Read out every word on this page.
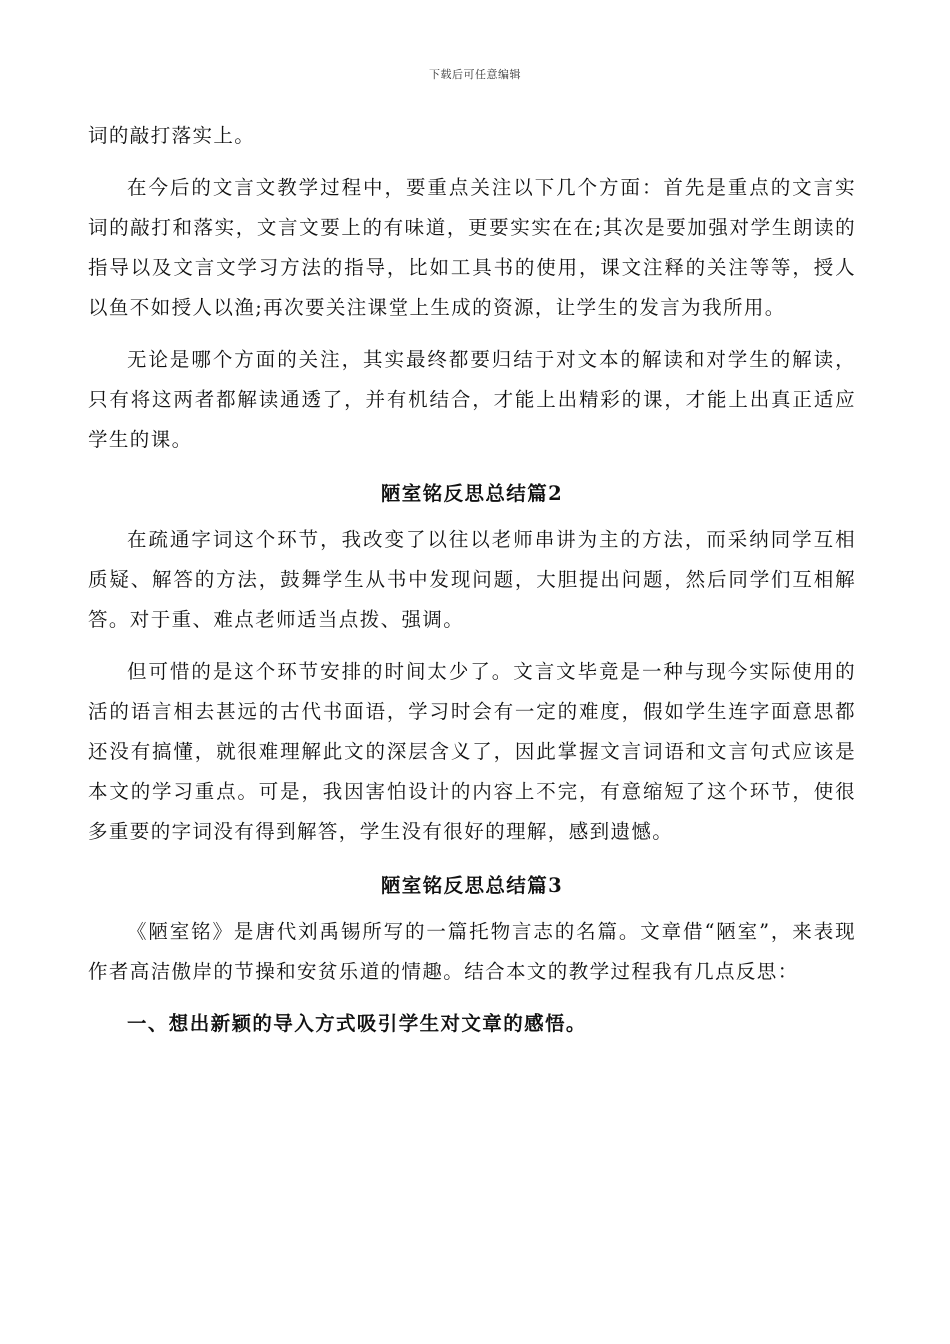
下载后可任意编辑

词的敲打落实上。

在今后的文言文教学过程中，要重点关注以下几个方面：首先是重点的文言实词的敲打和落实，文言文要上的有味道，更要实实在在;其次是要加强对学生朗读的指导以及文言文学习方法的指导，比如工具书的使用，课文注释的关注等等，授人以鱼不如授人以渔;再次要关注课堂上生成的资源，让学生的发言为我所用。

无论是哪个方面的关注，其实最终都要归结于对文本的解读和对学生的解读，只有将这两者都解读通透了，并有机结合，才能上出精彩的课，才能上出真正适应学生的课。

陋室铭反思总结篇2

在疏通字词这个环节，我改变了以往以老师串讲为主的方法，而采纳同学互相质疑、解答的方法，鼓舞学生从书中发现问题，大胆提出问题，然后同学们互相解答。对于重、难点老师适当点拨、强调。

但可惜的是这个环节安排的时间太少了。文言文毕竟是一种与现今实际使用的活的语言相去甚远的古代书面语，学习时会有一定的难度，假如学生连字面意思都还没有搞懂，就很难理解此文的深层含义了，因此掌握文言词语和文言句式应该是本文的学习重点。可是，我因害怕设计的内容上不完，有意缩短了这个环节，使很多重要的字词没有得到解答，学生没有很好的理解，感到遗憾。

陋室铭反思总结篇3

《陋室铭》是唐代刘禹锡所写的一篇托物言志的名篇。文章借“陋室”，来表现作者高洁傲岸的节操和安贫乐道的情趣。结合本文的教学过程我有几点反思：

一、想出新颖的导入方式吸引学生对文章的感悟。
